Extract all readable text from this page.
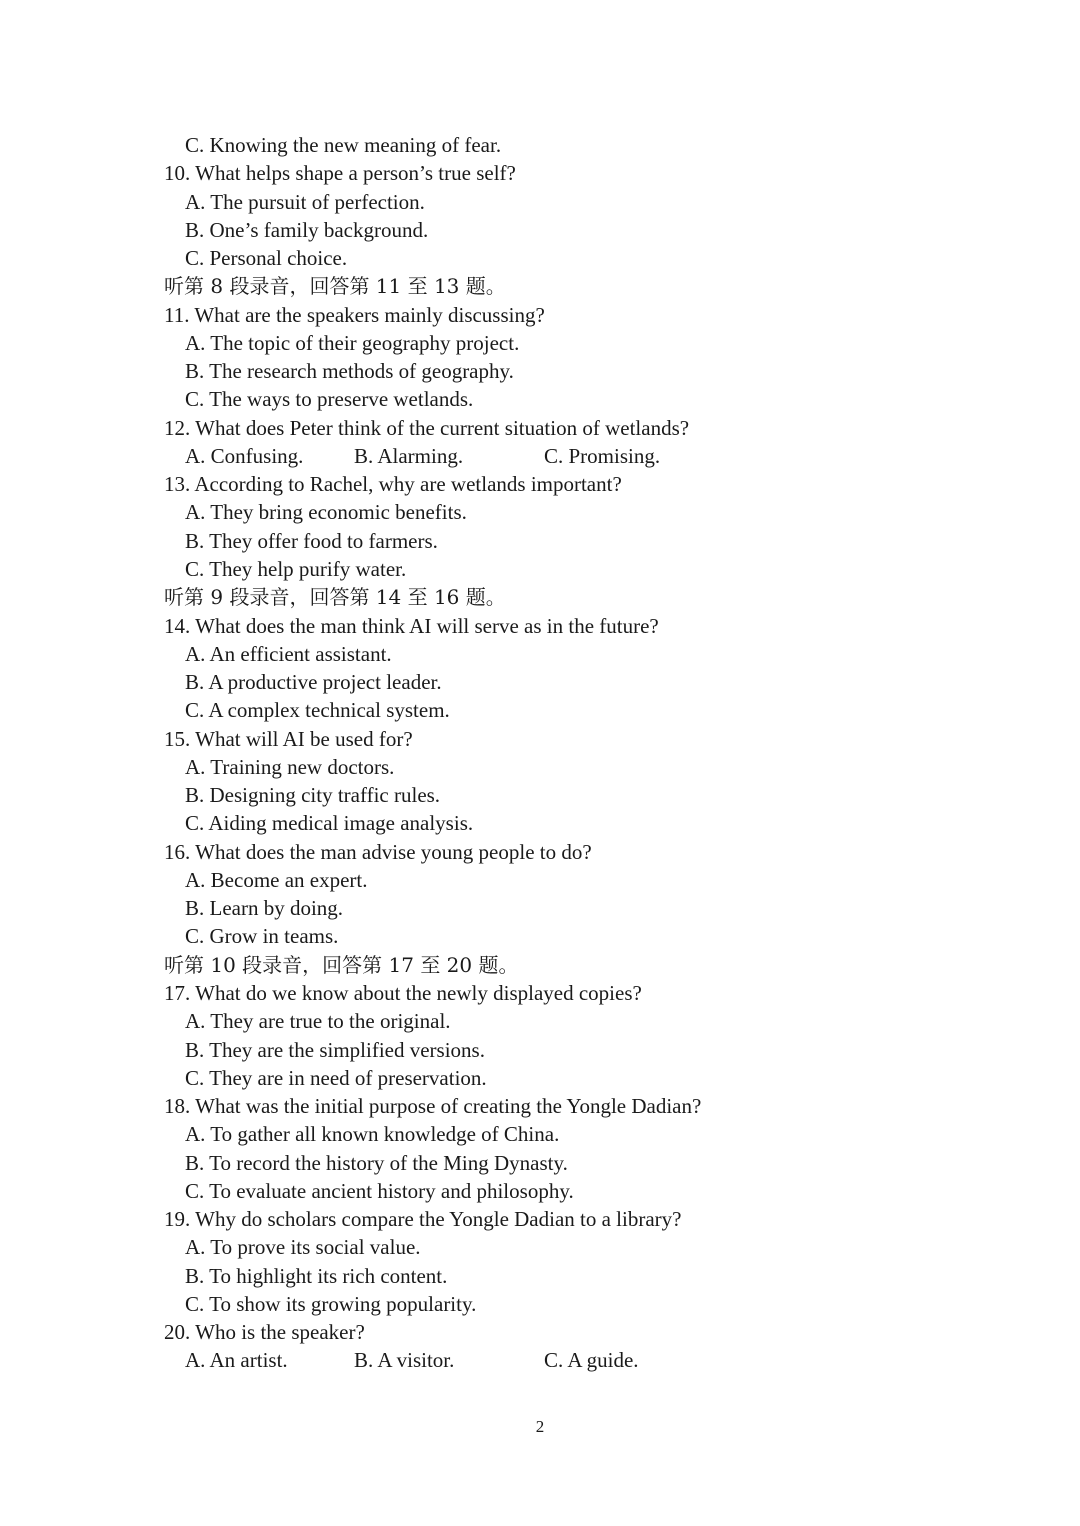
C. Knowing the new meaning of fear.
10. What helps shape a person’s true self?
A. The pursuit of perfection.
B. One’s family background.
C. Personal choice.
听第 8 段录音，回答第 11 至 13 题。
11. What are the speakers mainly discussing?
A. The topic of their geography project.
B. The research methods of geography.
C. The ways to preserve wetlands.
12. What does Peter think of the current situation of wetlands?
A. Confusing. B. Alarming.	C. Promising.
13. According to Rachel, why are wetlands important?
A. They bring economic benefits.
B. They offer food to farmers.
C. They help purify water.
听第 9 段录音，回答第 14 至 16 题。
14. What does the man think AI will serve as in the future?
A. An efficient assistant.
B. A productive project leader.
C. A complex technical system.
15. What will AI be used for?
A. Training new doctors.
B. Designing city traffic rules.
C. Aiding medical image analysis.
16. What does the man advise young people to do?
A. Become an expert.
B. Learn by doing.
C. Grow in teams.
听第 10 段录音，回答第 17 至 20 题。
17. What do we know about the newly displayed copies?
A. They are true to the original.
B. They are the simplified versions.
C. They are in need of preservation.
18. What was the initial purpose of creating the Yongle Dadian?
A. To gather all known knowledge of China.
B. To record the history of the Ming Dynasty.
C. To evaluate ancient history and philosophy.
19. Why do scholars compare the Yongle Dadian to a library?
A. To prove its social value.
B. To highlight its rich content.
C. To show its growing popularity.
20. Who is the speaker?
A. An artist.	B. A visitor.	C. A guide.
2
